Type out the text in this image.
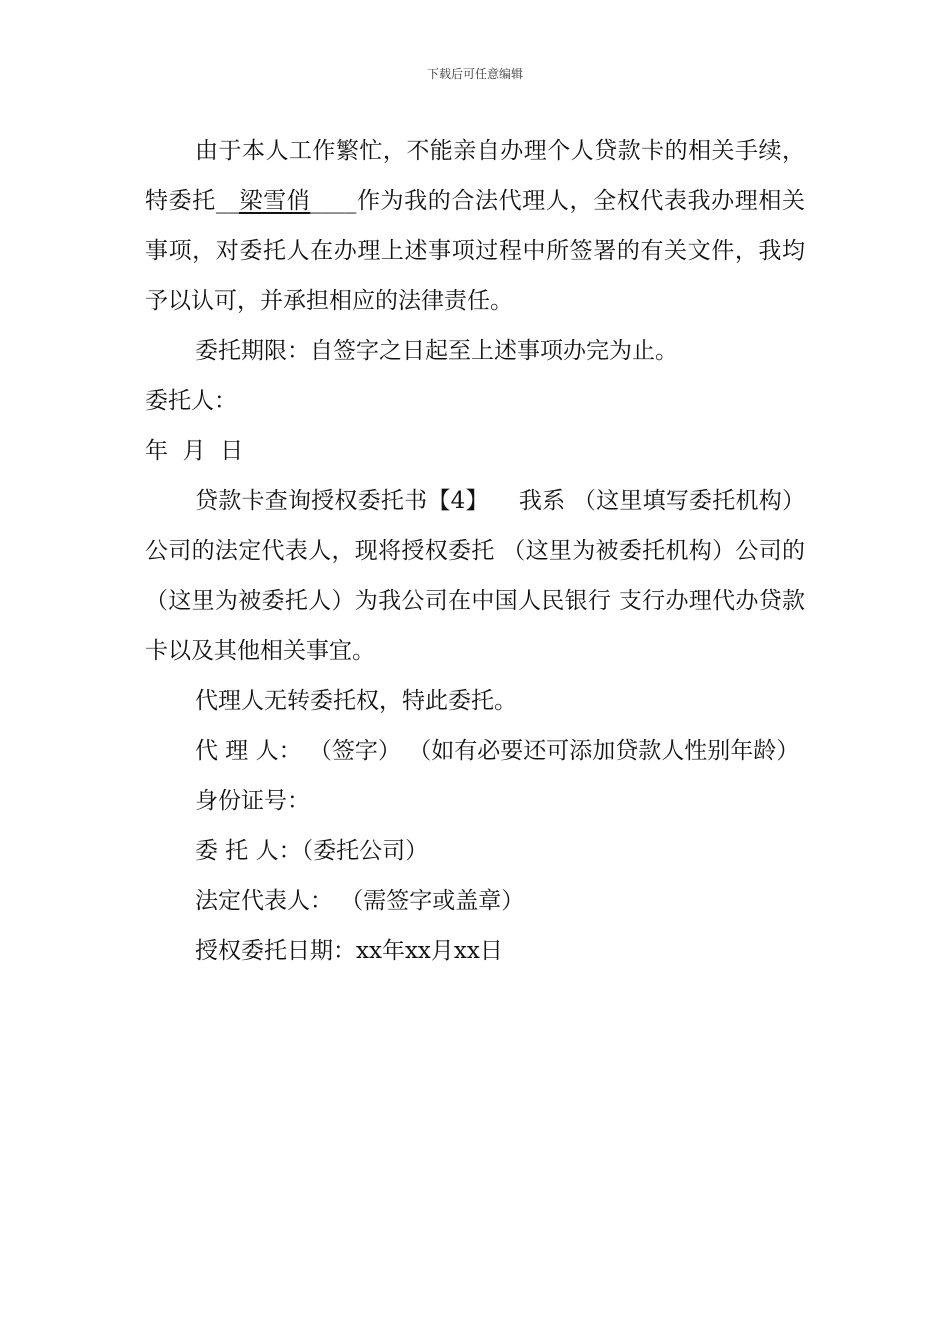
下载后可任意编辑

由于本人工作繁忙，不能亲自办理个人贷款卡的相关手续，特委托__梁雪俏____作为我的合法代理人，全权代表我办理相关事项，对委托人在办理上述事项过程中所签署的有关文件，我均予以认可，并承担相应的法律责任。

委托期限：自签字之日起至上述事项办完为止。

委托人：

年  月  日

贷款卡查询授权委托书【4】    我系 （这里填写委托机构）公司的法定代表人，现将授权委托 （这里为被委托机构）公司的 （这里为被委托人）为我公司在中国人民银行 支行办理代办贷款卡以及其他相关事宜。

代理人无转委托权，特此委托。

代 理 人： （签字） （如有必要还可添加贷款人性别年龄）

身份证号：

委 托 人：（委托公司）

法定代表人： （需签字或盖章）

授权委托日期：xx年xx月xx日
